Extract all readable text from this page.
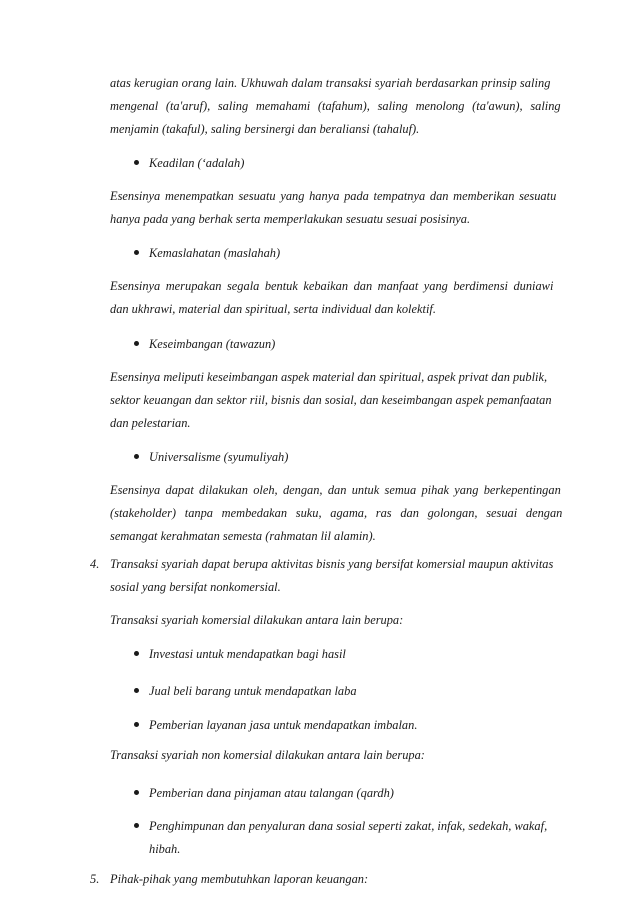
atas kerugian orang lain. Ukhuwah dalam transaksi syariah berdasarkan prinsip saling
mengenal (ta'aruf), saling memahami (tafahum), saling menolong (ta'awun), saling
menjamin (takaful), saling bersinergi dan beraliansi (tahaluf).
Keadilan (‘adalah)
Esensinya menempatkan sesuatu yang hanya pada tempatnya dan memberikan sesuatu
hanya pada yang berhak serta memperlakukan sesuatu sesuai posisinya.
Kemaslahatan (maslahah)
Esensinya merupakan segala bentuk kebaikan dan manfaat yang berdimensi duniawi
dan ukhrawi, material dan spiritual, serta individual dan kolektif.
Keseimbangan (tawazun)
Esensinya meliputi keseimbangan aspek material dan spiritual, aspek privat dan publik,
sektor keuangan dan sektor riil, bisnis dan sosial, dan keseimbangan aspek pemanfaatan
dan pelestarian.
Universalisme (syumuliyah)
Esensinya dapat dilakukan oleh, dengan, dan untuk semua pihak yang berkepentingan
(stakeholder) tanpa membedakan suku, agama, ras dan golongan, sesuai dengan
semangat kerahmatan semesta (rahmatan lil alamin).
4. Transaksi syariah dapat berupa aktivitas bisnis yang bersifat komersial maupun aktivitas
sosial yang bersifat nonkomersial.
Transaksi syariah komersial dilakukan antara lain berupa:
Investasi untuk mendapatkan bagi hasil
Jual beli barang untuk mendapatkan laba
Pemberian layanan jasa untuk mendapatkan imbalan.
Transaksi syariah non komersial dilakukan antara lain berupa:
Pemberian dana pinjaman atau talangan (qardh)
Penghimpunan dan penyaluran dana sosial seperti zakat, infak, sedekah, wakaf,
hibah.
5. Pihak-pihak yang membutuhkan laporan keuangan:
